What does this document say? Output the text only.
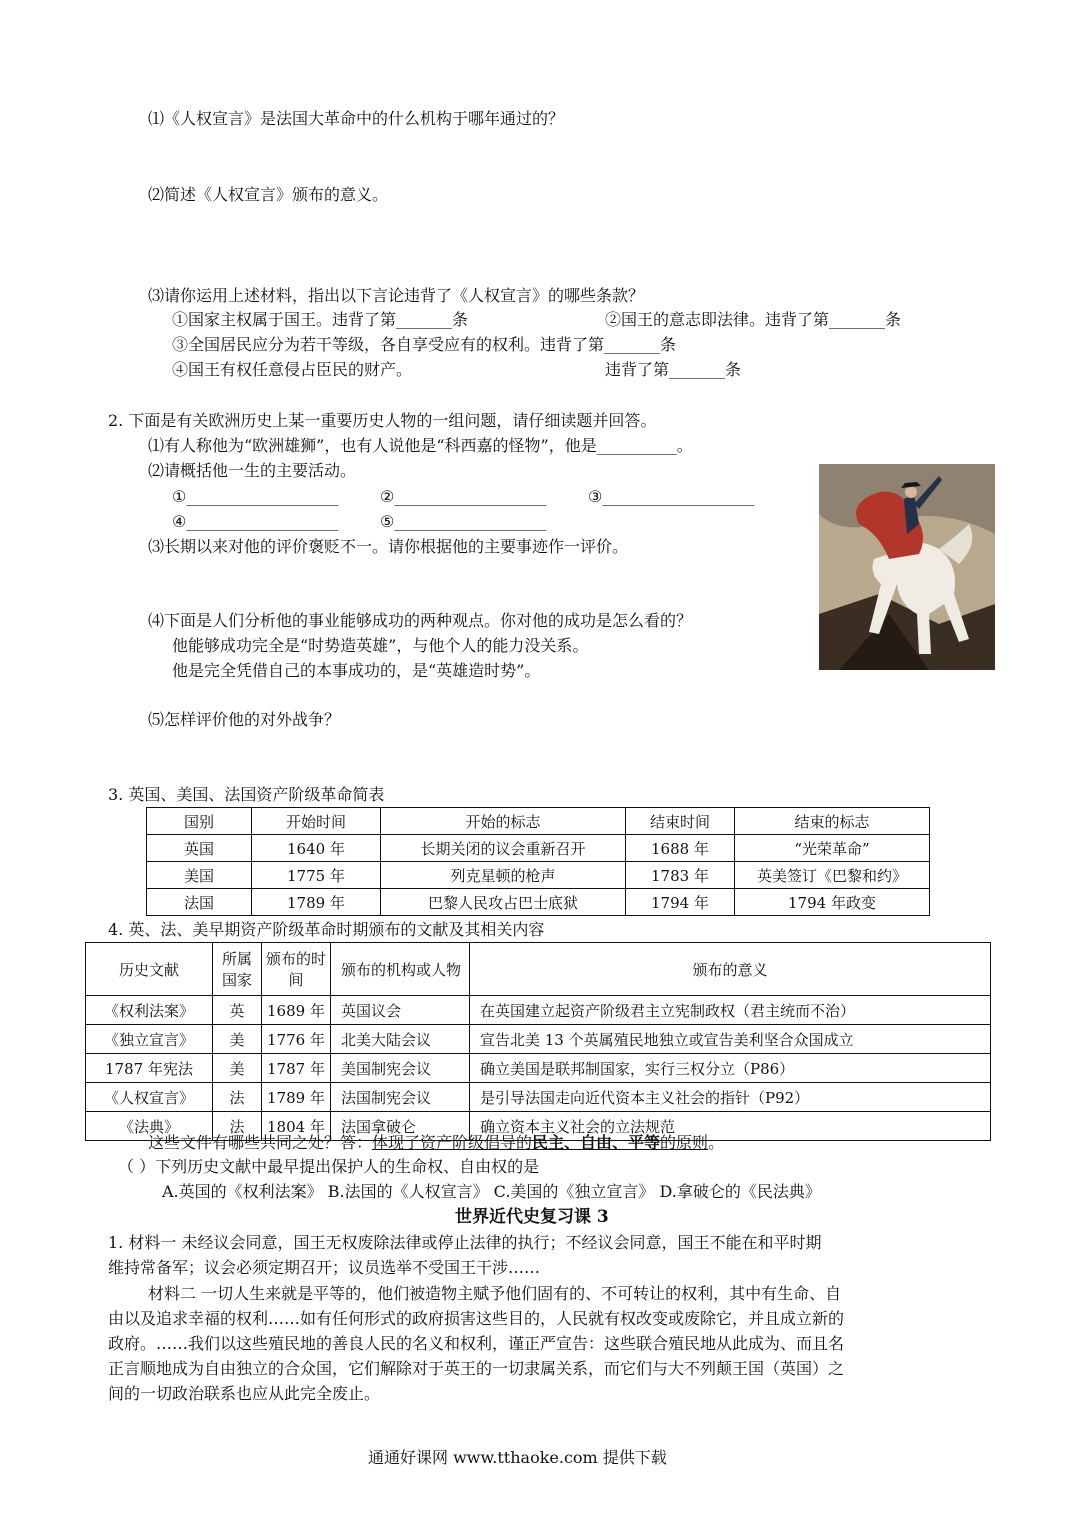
⑴《人权宣言》是法国大革命中的什么机构于哪年通过的？
⑵简述《人权宣言》颁布的意义。
⑶请你运用上述材料，指出以下言论违背了《人权宣言》的哪些条款？
①国家主权属于国王。违背了第_______条	②国王的意志即法律。违背了第_______条
③全国居民应分为若干等级，各自享受应有的权利。违背了第_______条
④国王有权任意侵占臣民的财产。	违背了第_______条
2. 下面是有关欧洲历史上某一重要历史人物的一组问题，请仔细读题并回答。
⑴有人称他为“欧洲雄狮”，也有人说他是“科西嘉的怪物”，他是__________。
⑵请概括他一生的主要活动。
①___________________	②___________________	③___________________
④___________________	⑤___________________
⑶长期以来对他的评价褒贬不一。请你根据他的主要事迹作一评价。
⑷下面是人们分析他的事业能够成功的两种观点。你对他的成功是怎么看的？
他能够成功完全是“时势造英雄”，与他个人的能力没关系。
他是完全凭借自己的本事成功的，是“英雄造时势”。
⑸怎样评价他的对外战争？
3. 英国、美国、法国资产阶级革命简表
国别	开始时间	开始的标志	结束时间	结束的标志
英国	1640 年	长期关闭的议会重新召开	1688 年	“光荣革命”
美国	1775 年	列克星顿的枪声	1783 年	英美签订《巴黎和约》
法国	1789 年	巴黎人民攻占巴士底狱	1794 年	1794 年政变
4. 英、法、美早期资产阶级革命时期颁布的文献及其相关内容
历史文献	所属国家	颁布的时间	颁布的机构或人物	颁布的意义
《权利法案》	英	1689 年	英国议会	在英国建立起资产阶级君主立宪制政权（君主统而不治）
《独立宣言》	美	1776 年	北美大陆会议	宣告北美 13 个英属殖民地独立或宣告美利坚合众国成立
1787 年宪法	美	1787 年	美国制宪会议	确立美国是联邦制国家，实行三权分立（P86）
《人权宣言》	法	1789 年	法国制宪会议	是引导法国走向近代资本主义社会的指针（P92）
《法典》	法	1804 年	法国拿破仑	确立资本主义社会的立法规范
这些文件有哪些共同之处？答：体现了资产阶级倡导的民主、自由、平等的原则。
（ ）下列历史文献中最早提出保护人的生命权、自由权的是
A.英国的《权利法案》 B.法国的《人权宣言》 C.美国的《独立宣言》 D.拿破仑的《民法典》
世界近代史复习课 3
1. 材料一 未经议会同意，国王无权废除法律或停止法律的执行；不经议会同意，国王不能在和平时期
维持常备军；议会必须定期召开；议员选举不受国王干涉……
材料二 一切人生来就是平等的，他们被造物主赋予他们固有的、不可转让的权利，其中有生命、自
由以及追求幸福的权利……如有任何形式的政府损害这些目的，人民就有权改变或废除它，并且成立新的
政府。……我们以这些殖民地的善良人民的名义和权利，谨正严宣告：这些联合殖民地从此成为、而且名
正言顺地成为自由独立的合众国，它们解除对于英王的一切隶属关系，而它们与大不列颠王国（英国）之
间的一切政治联系也应从此完全废止。
通通好课网 www.tthaoke.com 提供下载
